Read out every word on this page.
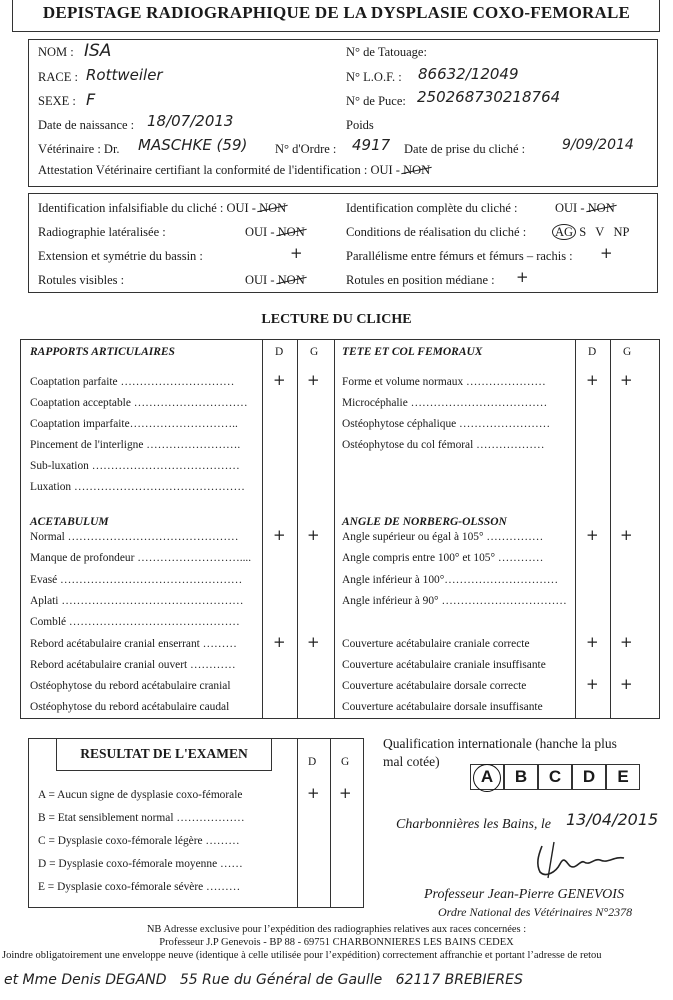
DEPISTAGE RADIOGRAPHIQUE DE LA DYSPLASIE COXO-FEMORALE
NOM : ISA
RACE : Rottweiler
SEXE : F
Date de naissance : 18/07/2013
Vétérinaire : Dr. MASCHKE (59) N° d'Ordre : 4917
N° de Tatouage:
N° L.O.F. : 86632/12049
N° de Puce: 250268730218764
Poids
Date de prise du cliché :	9/09/2014
Attestation Vétérinaire certifiant la conformité de l'identification : OUI - NON
Identification infalsifiable du cliché : OUI - NON
Radiographie latéralisée :	OUI - NON
Extension et symétrie du bassin :	+
Rotules visibles :	OUI - NON
Identification complète du cliché :	OUI - NON
Conditions de réalisation du cliché : AG S   V   NP
Parallélisme entre fémurs et fémurs – rachis : +
Rotules en position médiane : +
LECTURE DU CLICHE
RAPPORTS ARTICULAIRES	D G TETE ET COL FEMORAUX	D G
Coaptation parfaite …………………………	+ +
Coaptation acceptable …………………………
Coaptation imparfaite………………………..
Pincement de l'interligne …………………….
Sub-luxation …………………………………
Luxation ………………………………………
ACETABULUM
Normal ……………………………………… + +
Manque de profondeur ………………………....
Evasé …………………………………………
Aplati …………………………………………
Comblé ………………………………………
Rebord acétabulaire cranial enserrant ……… + +
Rebord acétabulaire cranial ouvert …………
Ostéophytose du rebord acétabulaire cranial
Ostéophytose du rebord acétabulaire caudal
Forme et volume normaux …………………	+ +
Microcéphalie ………………………………
Ostéophytose céphalique ……………………
Ostéophytose du col fémoral ………………
ANGLE DE NORBERG-OLSSON
Angle supérieur ou égal à 105° ……………	+ +
Angle compris entre 100° et 105° …………
Angle inférieur à 100°…………………………
Angle inférieur à 90° ……………………………
Couverture acétabulaire craniale correcte	+ +
Couverture acétabulaire craniale insuffisante
Couverture acétabulaire dorsale correcte	+ +
Couverture acétabulaire dorsale insuffisante
RESULTAT DE L'EXAMEN
D G
A = Aucun signe de dysplasie coxo-fémorale	+ +
B = Etat sensiblement normal ………………
C = Dysplasie coxo-fémorale légère ………
D = Dysplasie coxo-fémorale moyenne ……
E = Dysplasie coxo-fémorale sévère ………
Qualification internationale (hanche la plus
mal cotée)
A	B	C	D	E
Charbonnières les Bains, le 13/04/2015
Professeur Jean-Pierre GENEVOIS
Ordre National des Vétérinaires N°2378
NB Adresse exclusive pour l’expédition des radiographies relatives aux races concernées :
Professeur J.P Genevois - BP 88 - 69751 CHARBONNIERES LES BAINS CEDEX
Joindre obligatoirement une enveloppe neuve (identique à celle utilisée pour l’expédition) correctement affranchie et portant l’adresse de retou
et Mme Denis DEGAND   55 Rue du Général de Gaulle   62117 BREBIERES
